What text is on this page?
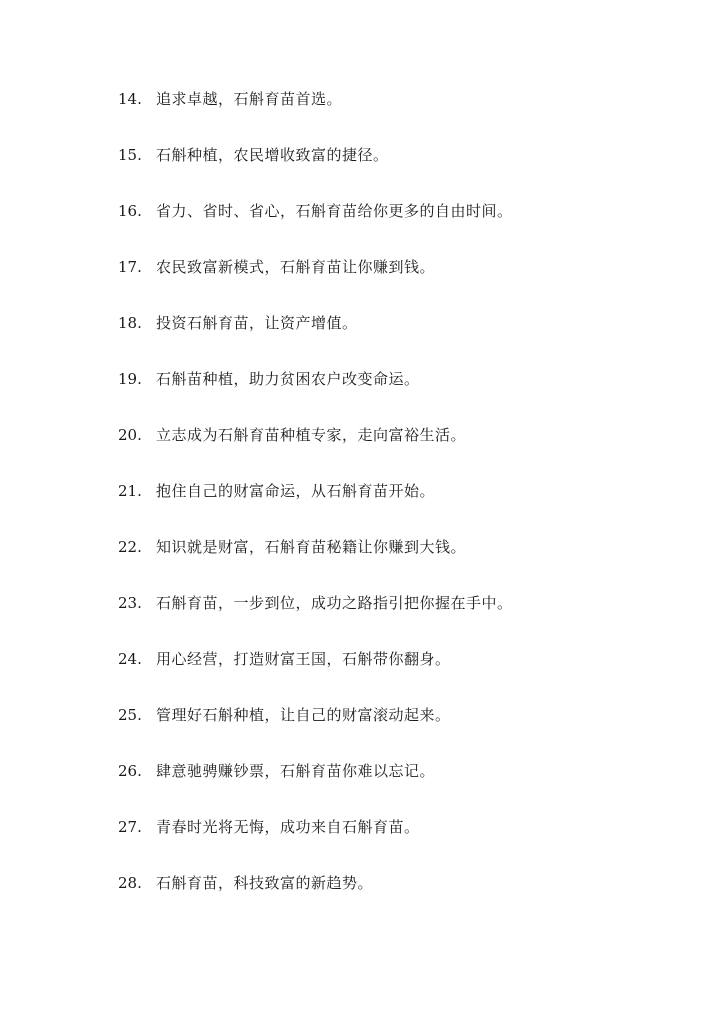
14. 追求卓越，石斛育苗首选。
15. 石斛种植，农民增收致富的捷径。
16. 省力、省时、省心，石斛育苗给你更多的自由时间。
17. 农民致富新模式，石斛育苗让你赚到钱。
18. 投资石斛育苗，让资产增值。
19. 石斛苗种植，助力贫困农户改变命运。
20. 立志成为石斛育苗种植专家，走向富裕生活。
21. 抱住自己的财富命运，从石斛育苗开始。
22. 知识就是财富，石斛育苗秘籍让你赚到大钱。
23. 石斛育苗，一步到位，成功之路指引把你握在手中。
24. 用心经营，打造财富王国，石斛带你翻身。
25. 管理好石斛种植，让自己的财富滚动起来。
26. 肆意驰骋赚钞票，石斛育苗你难以忘记。
27. 青春时光将无悔，成功来自石斛育苗。
28. 石斛育苗，科技致富的新趋势。
